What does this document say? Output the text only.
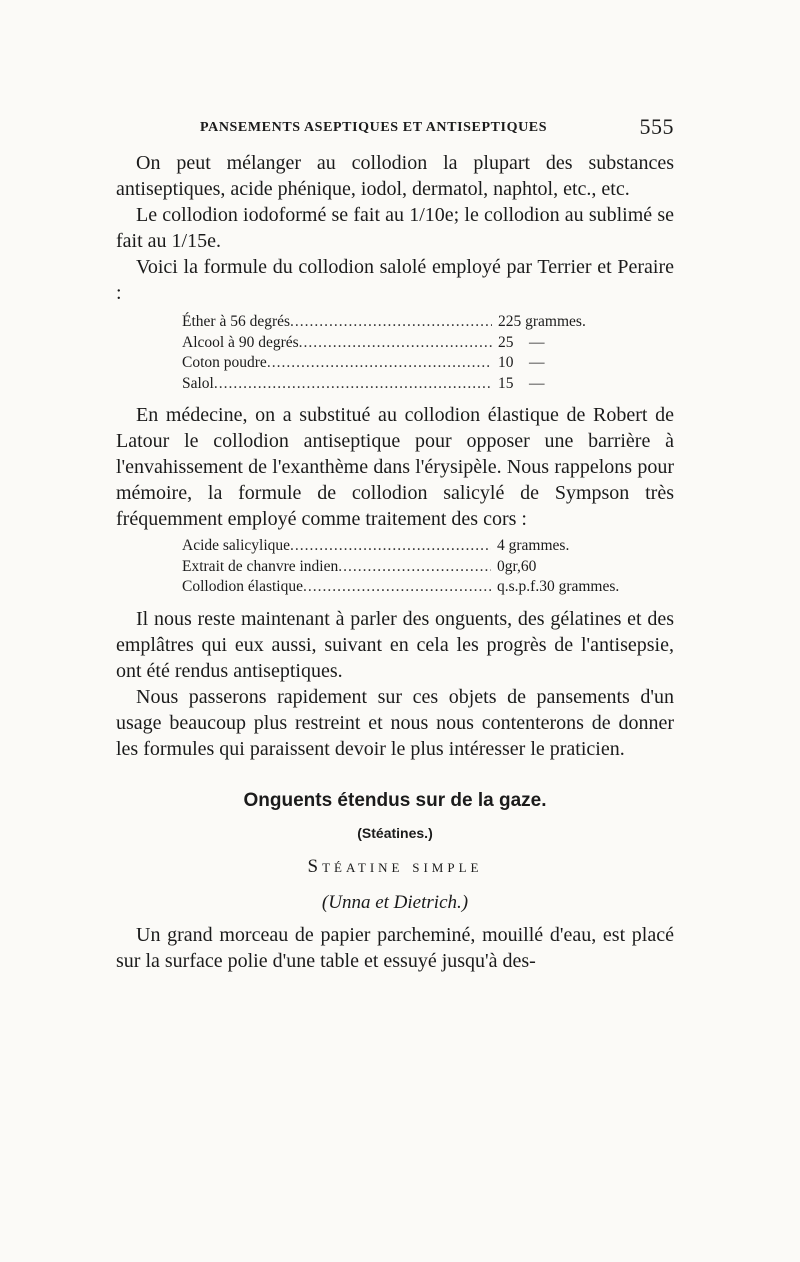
PANSEMENTS ASEPTIQUES ET ANTISEPTIQUES	555

On peut mélanger au collodion la plupart des substances antiseptiques, acide phénique, iodol, dermatol, naphtol, etc., etc.

Le collodion iodoformé se fait au 1/10e; le collodion au sublimé se fait au 1/15e.

Voici la formule du collodion salolé employé par Terrier et Peraire :

Éther à 56 degrés .....	225 grammes.
Alcool à 90 degrés .....	25    —
Coton poudre .....	10    —
Salol .....	15    —

En médecine, on a substitué au collodion élastique de Robert de Latour le collodion antiseptique pour opposer une barrière à l'envahissement de l'exanthème dans l'érysipèle. Nous rappelons pour mémoire, la formule de collodion salicylé de Sympson très fréquemment employé comme traitement des cors :

Acide salicylique .....	4 grammes.
Extrait de chanvre indien .....	0gr,60
Collodion élastique .....	q.s.p.f.30 grammes.

Il nous reste maintenant à parler des onguents, des gélatines et des emplâtres qui eux aussi, suivant en cela les progrès de l'antisepsie, ont été rendus antiseptiques.

Nous passerons rapidement sur ces objets de pansements d'un usage beaucoup plus restreint et nous nous contenterons de donner les formules qui paraissent devoir le plus intéresser le praticien.

Onguents étendus sur de la gaze.
(Stéatines.)
Stéatine simple
(Unna et Dietrich.)

Un grand morceau de papier parcheminé, mouillé d'eau, est placé sur la surface polie d'une table et essuyé jusqu'à des-
